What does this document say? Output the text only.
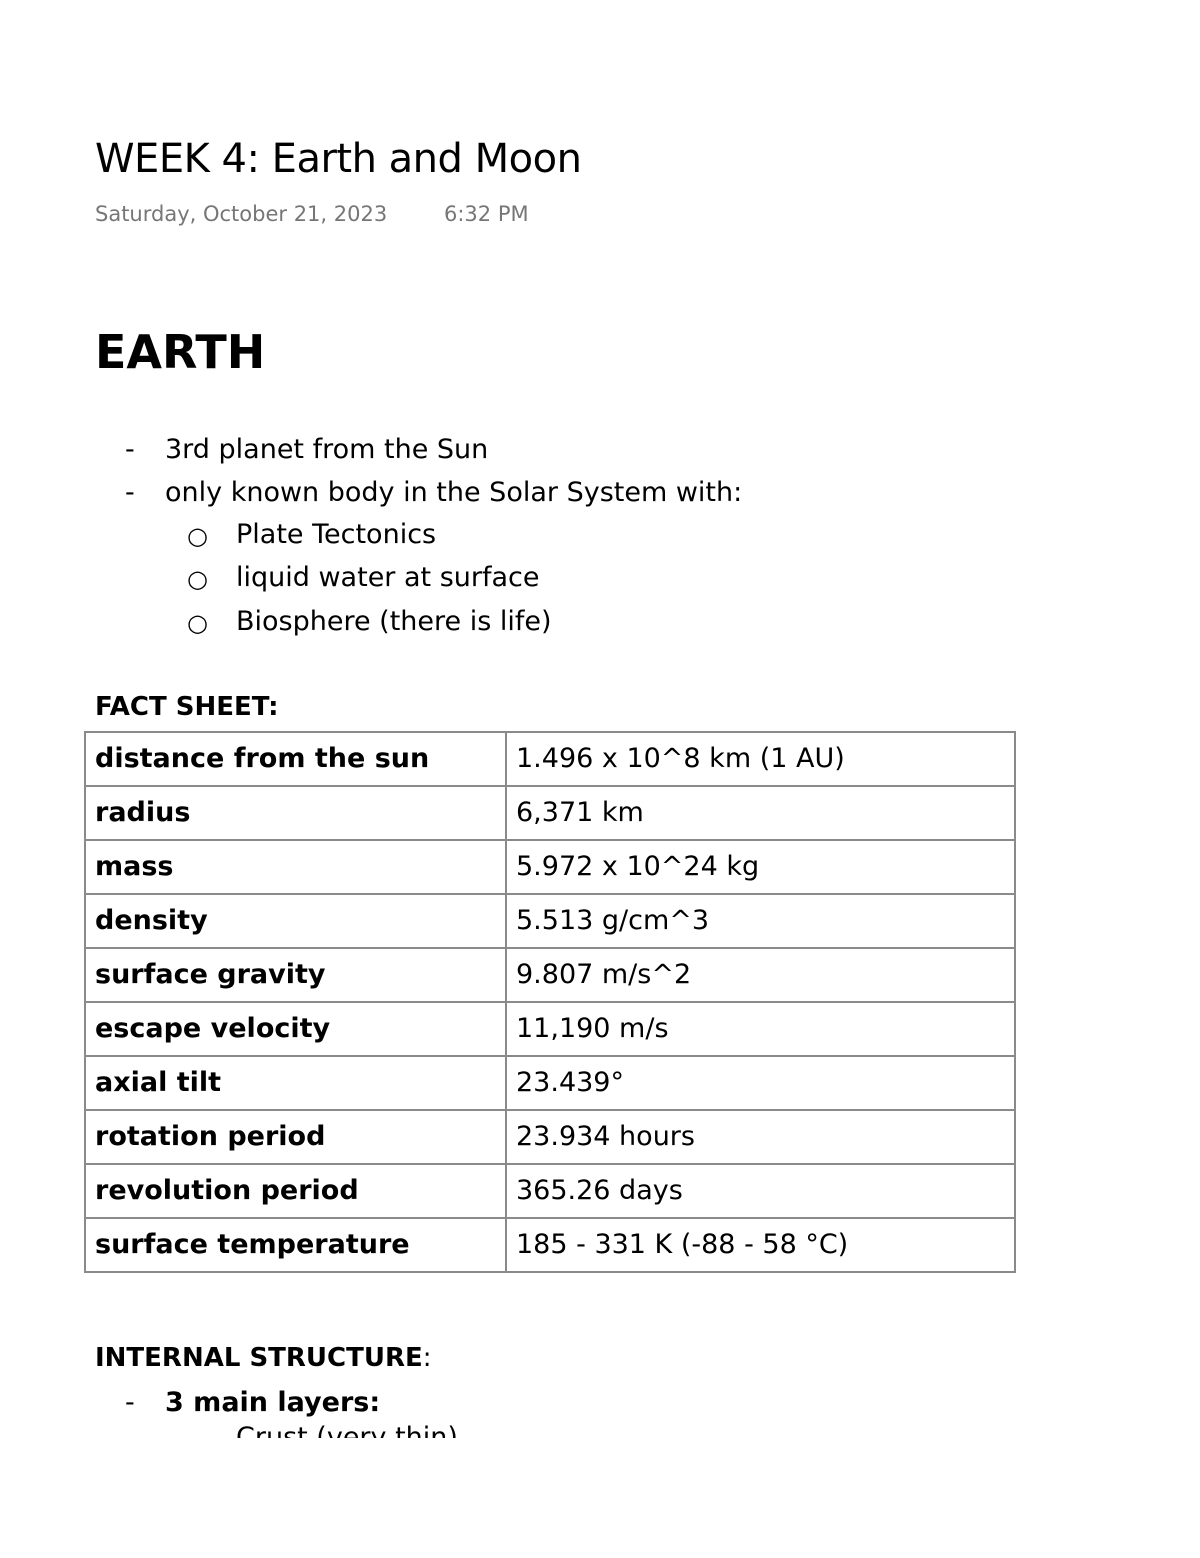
WEEK 4: Earth and Moon
Saturday, October 21, 2023	6:32 PM
EARTH
- 3rd planet from the Sun
- only known body in the Solar System with:
○ Plate Tectonics
○ liquid water at surface
○ Biosphere (there is life)
FACT SHEET:
distance from the sun	1.496 x 10^8 km (1 AU)
radius	6,371 km
mass	5.972 x 10^24 kg
density	5.513 g/cm^3
surface gravity	9.807 m/s^2
escape velocity	11,190 m/s
axial tilt	23.439°
rotation period	23.934 hours
revolution period	365.26 days
surface temperature	185 - 331 K (-88 - 58 °C)
INTERNAL STRUCTURE:
- 3 main layers:
